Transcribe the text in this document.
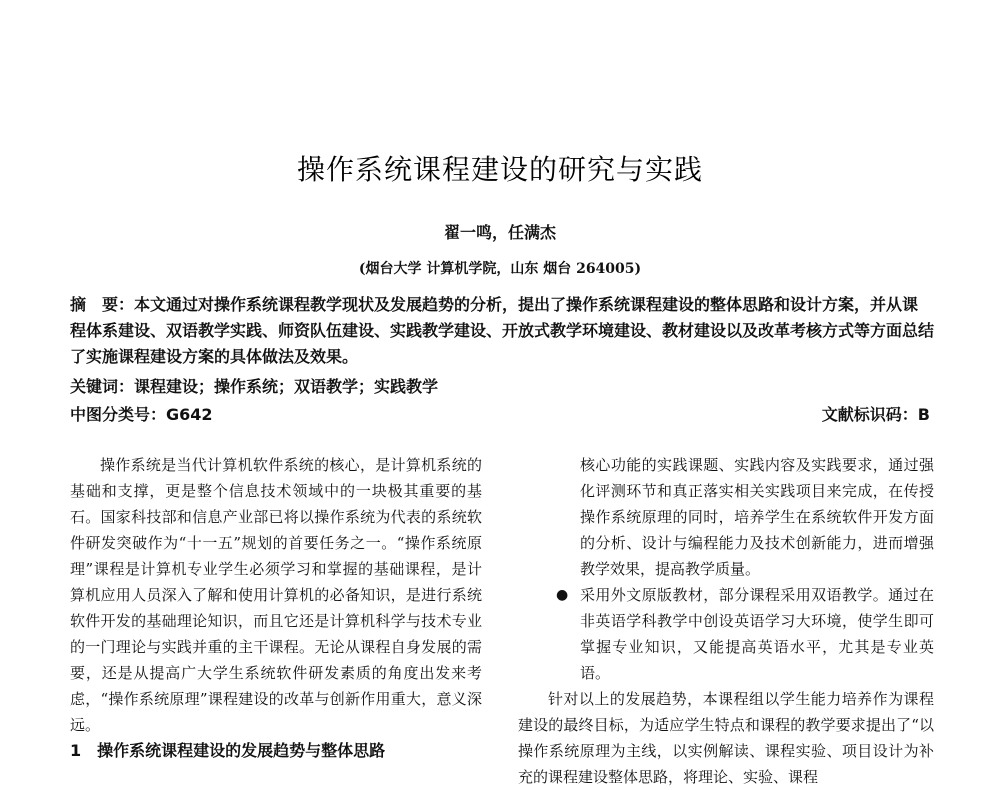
操作系统课程建设的研究与实践
翟一鸣，任满杰
(烟台大学 计算机学院，山东 烟台 264005)
摘　要：本文通过对操作系统课程教学现状及发展趋势的分析，提出了操作系统课程建设的整体思路和设计方案，并从课程体系建设、双语教学实践、师资队伍建设、实践教学建设、开放式教学环境建设、教材建设以及改革考核方式等方面总结了实施课程建设方案的具体做法及效果。
关键词：课程建设；操作系统；双语教学；实践教学
中图分类号：G642	文献标识码：B

操作系统是当代计算机软件系统的核心，是计算机系统的基础和支撑，更是整个信息技术领域中的一块极其重要的基石。国家科技部和信息产业部已将以操作系统为代表的系统软件研发突破作为“十一五”规划的首要任务之一。“操作系统原理”课程是计算机专业学生必须学习和掌握的基础课程，是计算机应用人员深入了解和使用计算机的必备知识，是进行系统软件开发的基础理论知识，而且它还是计算机科学与技术专业的一门理论与实践并重的主干课程。无论从课程自身发展的需要，还是从提高广大学生系统软件研发素质的角度出发来考虑，“操作系统原理”课程建设的改革与创新作用重大，意义深远。

1　操作系统课程建设的发展趋势与整体思路

核心功能的实践课题、实践内容及实践要求，通过强化评测环节和真正落实相关实践项目来完成，在传授操作系统原理的同时，培养学生在系统软件开发方面的分析、设计与编程能力及技术创新能力，进而增强教学效果，提高教学质量。

● 采用外文原版教材，部分课程采用双语教学。通过在非英语学科教学中创设英语学习大环境，使学生即可掌握专业知识，又能提高英语水平，尤其是专业英语。

针对以上的发展趋势，本课程组以学生能力培养作为课程建设的最终目标，为适应学生特点和课程的教学要求提出了“以操作系统原理为主线，以实例解读、课程实验、项目设计为补充的课程建设整体思路，将理论、实验、课程
